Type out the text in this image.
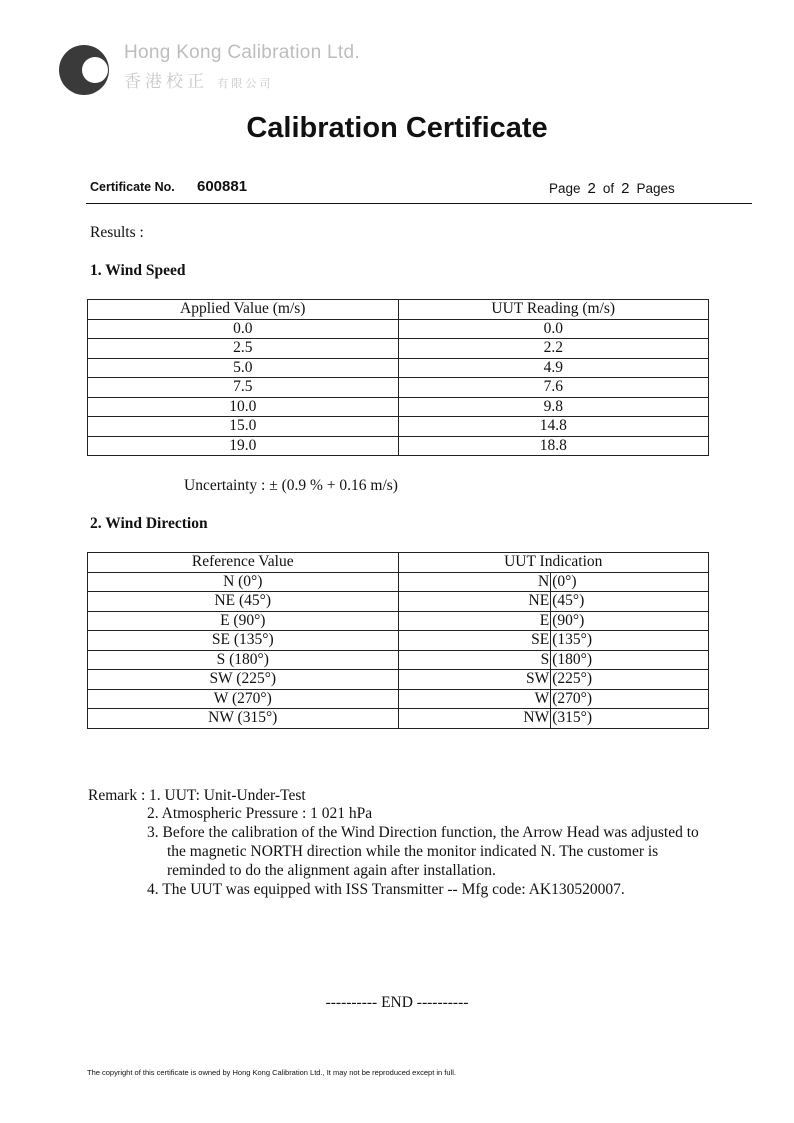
Hong Kong Calibration Ltd.
香港校正 有限公司
Calibration Certificate
Certificate No. 600881	Page 2 of 2 Pages
Results :
1. Wind Speed
Applied Value (m/s)	UUT Reading (m/s)
0.0	0.0
2.5	2.2
5.0	4.9
7.5	7.6
10.0	9.8
15.0	14.8
19.0	18.8
Uncertainty : ± (0.9 % + 0.16 m/s)
2. Wind Direction
Reference Value	UUT Indication	
N (0°)	N	(0°)
NE (45°)	NE	(45°)
E (90°)	E	(90°)
SE (135°)	SE	(135°)
S (180°)	S	(180°)
SW (225°)	SW	(225°)
W (270°)	W	(270°)
NW (315°)	NW	(315°)
Remark : 1. UUT: Unit-Under-Test
2. Atmospheric Pressure : 1 021 hPa
3. Before the calibration of the Wind Direction function, the Arrow Head was adjusted to
the magnetic NORTH direction while the monitor indicated N. The customer is
reminded to do the alignment again after installation.
4. The UUT was equipped with ISS Transmitter -- Mfg code: AK130520007.
---------- END ----------
The copyright of this certificate is owned by Hong Kong Calibration Ltd., It may not be reproduced except in full.
